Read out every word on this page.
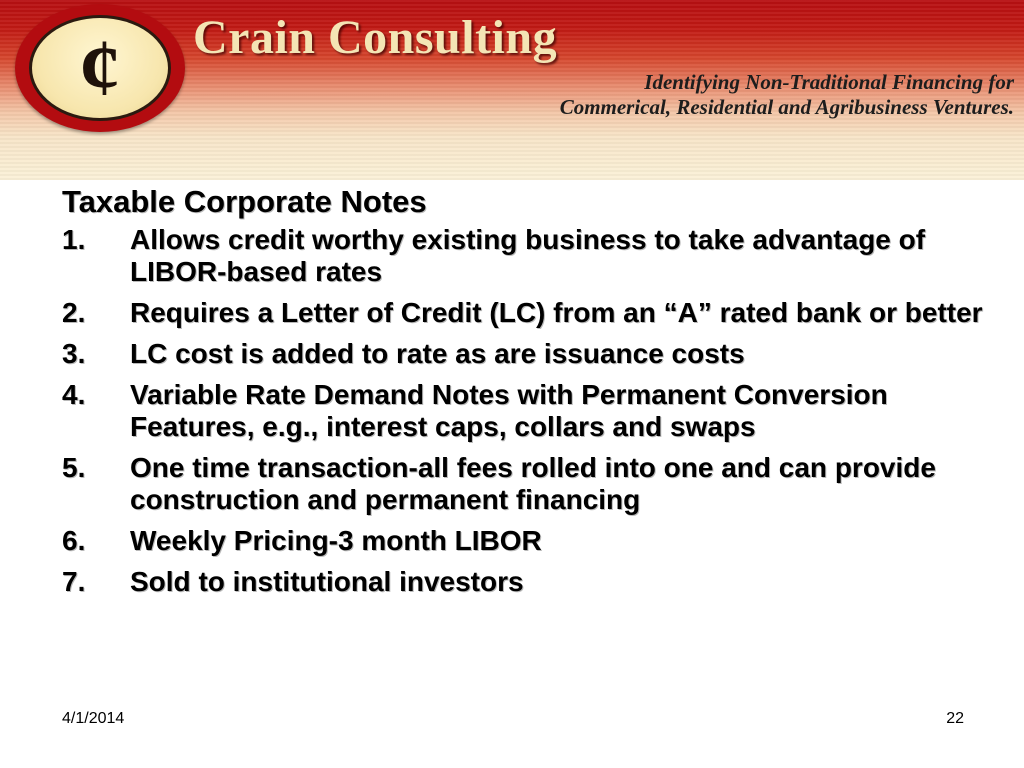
¢	Crain Consulting
Identifying Non-Traditional Financing for
Commerical, Residential and Agribusiness Ventures.
Taxable Corporate Notes
1.	Allows credit worthy existing business to take advantage of LIBOR-based rates
2.	Requires a Letter of Credit (LC) from an “A” rated bank or better
3.	LC cost is added to rate as are issuance costs
4.	Variable Rate Demand Notes with Permanent Conversion Features, e.g., interest caps, collars and swaps
5.	One time transaction-all fees rolled into one and can provide construction and permanent financing
6.	Weekly Pricing-3 month LIBOR
7.	Sold to institutional investors
4/1/2014	22
